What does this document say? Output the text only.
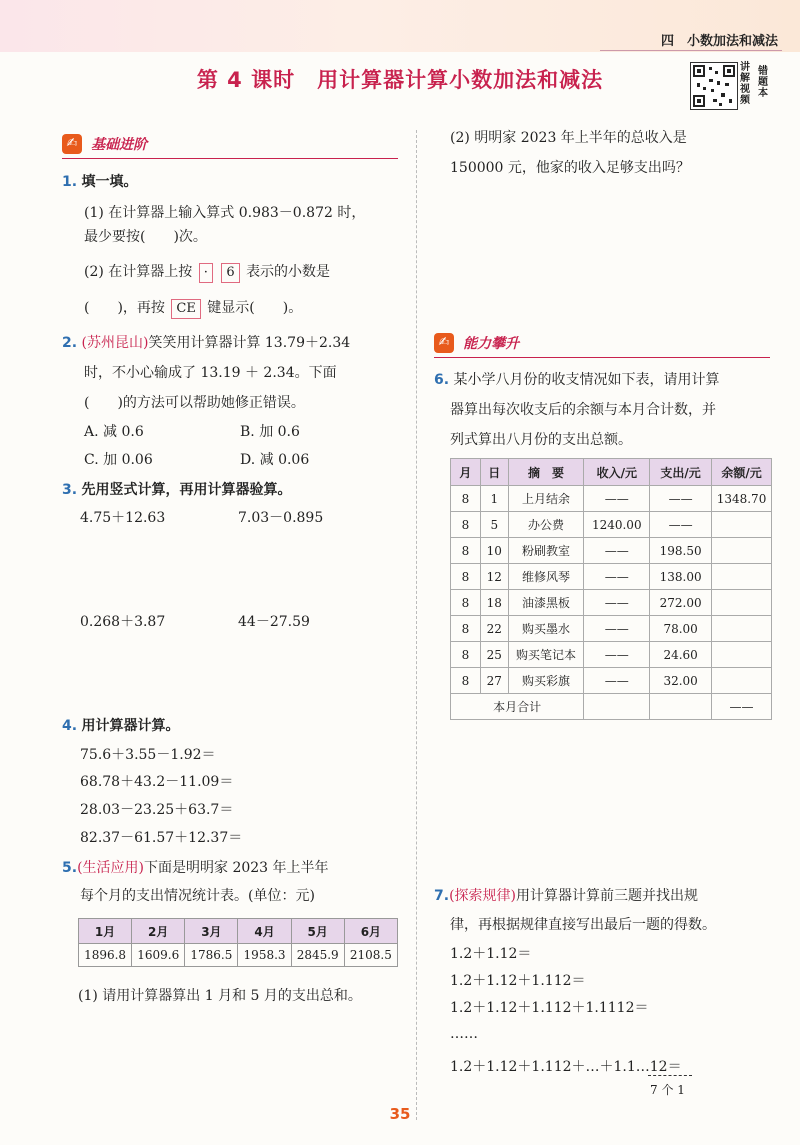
四　小数加法和减法
第 4 课时　用计算器计算小数加法和减法
讲解视频
错题本
✍ 基础进阶
1. 填一填。
(1) 在计算器上输入算式 0.983－0.872 时，
最少要按(　　)次。
(2) 在计算器上按 · 6 表示的小数是
(　　)，再按 CE 键显示(　　)。
2. (苏州昆山)笑笑用计算器计算 13.79＋2.34
时，不小心输成了 13.19 ＋ 2.34。下面
(　　)的方法可以帮助她修正错误。
A. 减 0.6	B. 加 0.6
C. 加 0.06	D. 减 0.06
3. 先用竖式计算，再用计算器验算。
4.75＋12.63	7.03－0.895
0.268＋3.87	44－27.59
4. 用计算器计算。
75.6＋3.55－1.92＝
68.78＋43.2－11.09＝
28.03－23.25＋63.7＝
82.37－61.57＋12.37＝
5.(生活应用)下面是明明家 2023 年上半年
每个月的支出情况统计表。(单位：元)
1月	2月	3月	4月	5月	6月
1896.8	1609.6	1786.5	1958.3	2845.9	2108.5
(1) 请用计算器算出 1 月和 5 月的支出总和。
(2) 明明家 2023 年上半年的总收入是
150000 元，他家的收入足够支出吗？
✍ 能力攀升
6. 某小学八月份的收支情况如下表，请用计算
器算出每次收支后的余额与本月合计数，并
列式算出八月份的支出总额。
月	日	摘　要	收入/元	支出/元	余额/元
8	1	上月结余	——	——	1348.70
8	5	办公费	1240.00	——	
8	10	粉刷教室	——	198.50	
8	12	维修风琴	——	138.00	
8	18	油漆黑板	——	272.00	
8	22	购买墨水	——	78.00	
8	25	购买笔记本	——	24.60	
8	27	购买彩旗	——	32.00	
本月合计					——
7.(探索规律)用计算器计算前三题并找出规
律，再根据规律直接写出最后一题的得数。
1.2＋1.12＝
1.2＋1.12＋1.112＝
1.2＋1.12＋1.112＋1.1112＝
……
1.2＋1.12＋1.112＋…＋1.1…12＝
7 个 1
35
